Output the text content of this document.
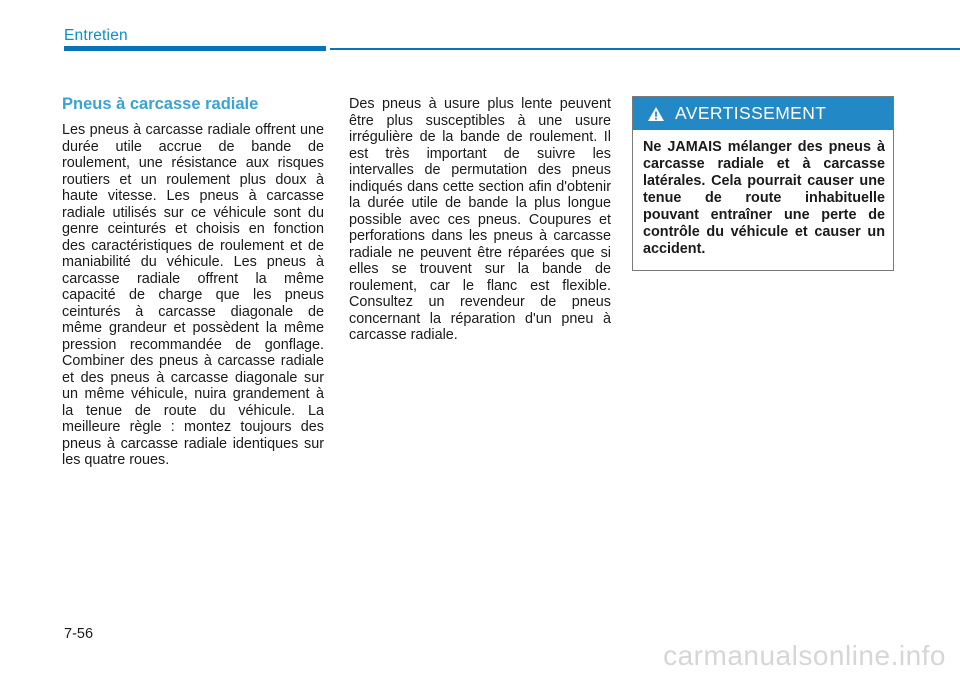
Entretien
Pneus à carcasse radiale

Les pneus à carcasse radiale offrent une durée utile accrue de bande de roulement, une résistance aux risques routiers et un roulement plus doux à haute vitesse. Les pneus à carcasse radiale utilisés sur ce véhicule sont du genre ceinturés et choisis en fonction des caractéristiques de roulement et de maniabilité du véhicule. Les pneus à carcasse radiale offrent la même capacité de charge que les pneus ceinturés à carcasse diagonale de même grandeur et possèdent la même pression recommandée de gonflage. Combiner des pneus à carcasse radiale et des pneus à carcasse diagonale sur un même véhicule, nuira grandement à la tenue de route du véhicule. La meilleure règle : montez toujours des pneus à carcasse radiale identiques sur les quatre roues.

Des pneus à usure plus lente peuvent être plus susceptibles à une usure irrégulière de la bande de roulement. Il est très important de suivre les intervalles de permutation des pneus indiqués dans cette section afin d'obtenir la durée utile de bande la plus longue possible avec ces pneus. Coupures et perforations dans les pneus à carcasse radiale ne peuvent être réparées que si elles se trouvent sur la bande de roulement, car le flanc est flexible. Consultez un revendeur de pneus concernant la réparation d'un pneu à carcasse radiale.

AVERTISSEMENT
Ne JAMAIS mélanger des pneus à carcasse radiale et à carcasse latérales. Cela pourrait causer une tenue de route inhabituelle pouvant entraîner une perte de contrôle du véhicule et causer un accident.
7-56
carmanualsonline.info
